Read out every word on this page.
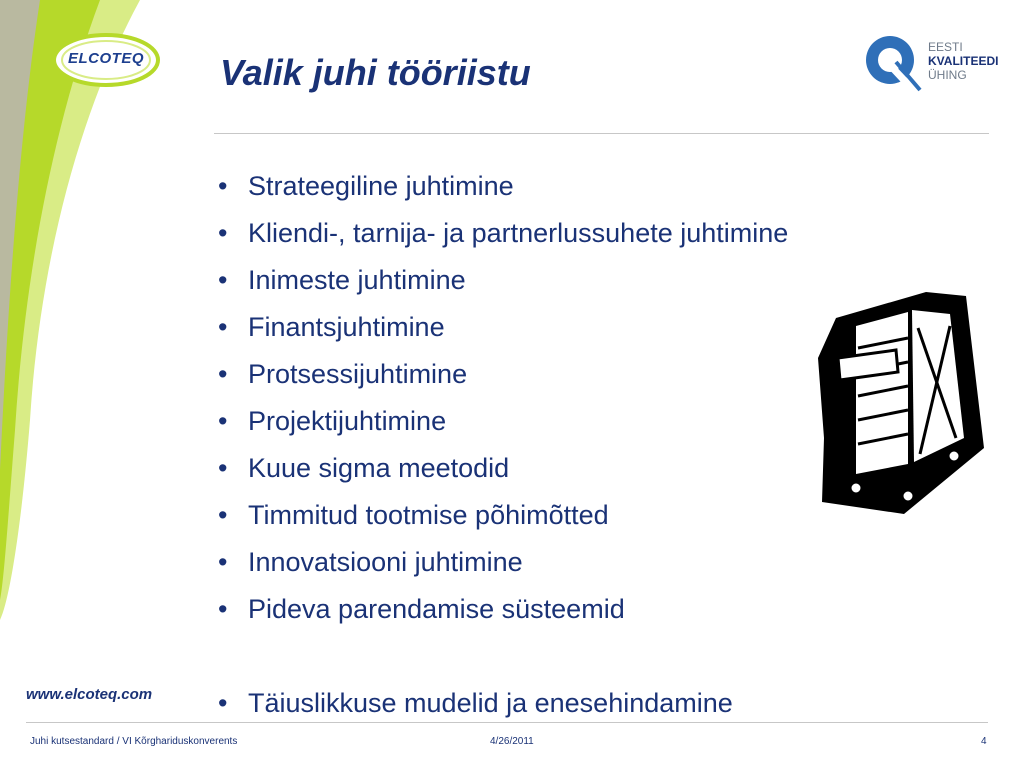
ELCOTEQ	Valik juhi tööriistu
EESTI
KVALITEEDI
ÜHING
• Strateegiline juhtimine
• Kliendi-, tarnija- ja partnerlussuhete juhtimine
• Inimeste juhtimine
• Finantsjuhtimine
• Protsessijuhtimine
• Projektijuhtimine
• Kuue sigma meetodid
• Timmitud tootmise põhimõtted
• Innovatsiooni juhtimine
• Pideva parendamise süsteemid
• Täiuslikkuse mudelid ja enesehindamine
www.elcoteq.com
Juhi kutsestandard / VI Kõrghariduskonverents	4/26/2011	4
